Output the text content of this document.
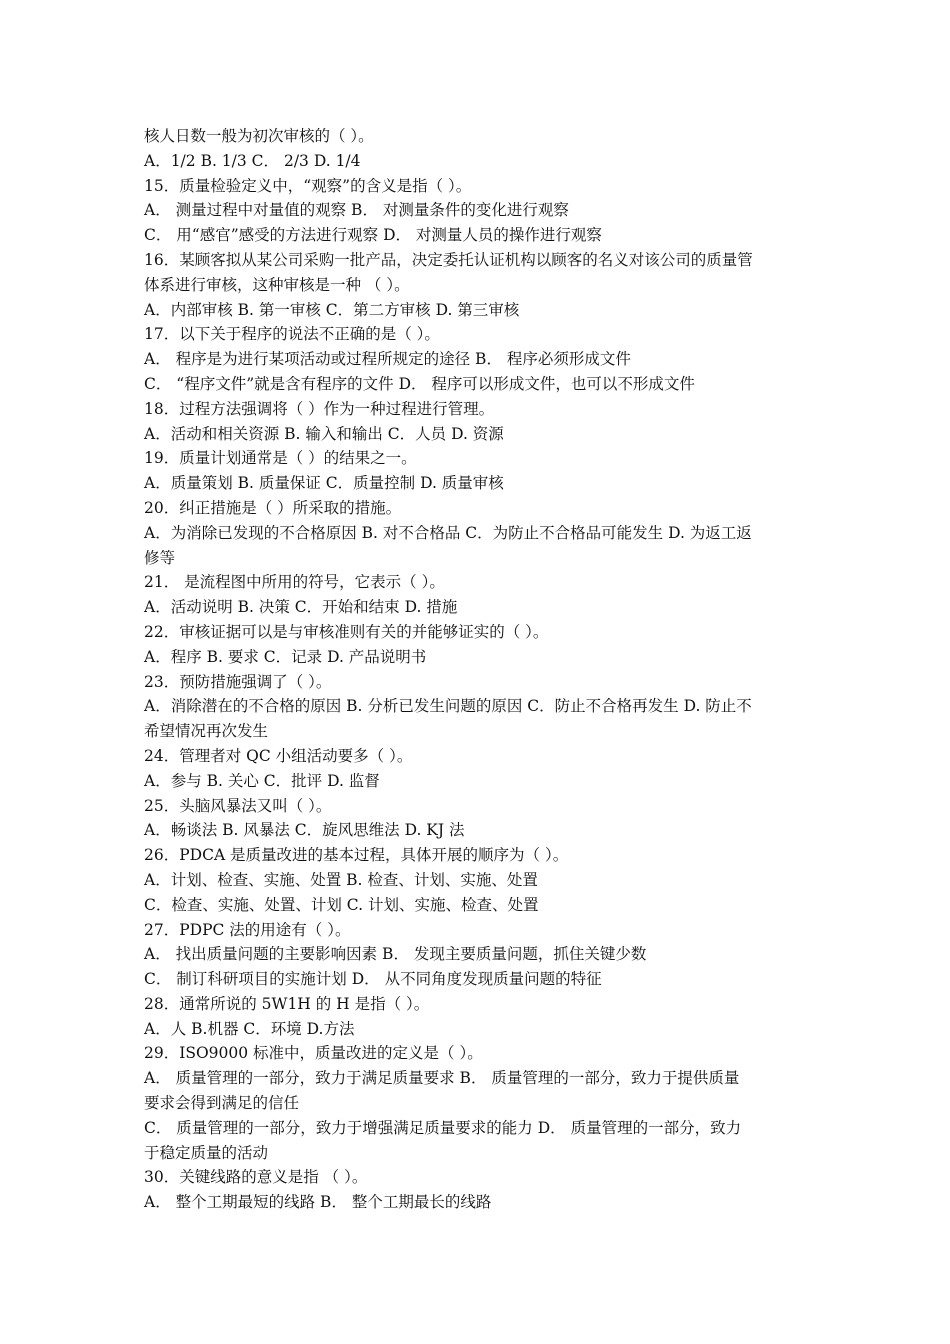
核人日数一般为初次审核的（ ）。
A．1/2 B. 1/3 C． 2/3 D. 1/4
15．质量检验定义中，“观察”的含义是指（ ）。
A． 测量过程中对量值的观察 B． 对测量条件的变化进行观察
C． 用“感官”感受的方法进行观察 D． 对测量人员的操作进行观察
16．某顾客拟从某公司采购一批产品，决定委托认证机构以顾客的名义对该公司的质量管
体系进行审核，这种审核是一种 （ ）。
A．内部审核 B. 第一审核 C．第二方审核 D. 第三审核
17．以下关于程序的说法不正确的是（ ）。
A． 程序是为进行某项活动或过程所规定的途径 B． 程序必须形成文件
C． “程序文件”就是含有程序的文件 D． 程序可以形成文件，也可以不形成文件
18．过程方法强调将（ ）作为一种过程进行管理。
A．活动和相关资源 B. 输入和输出 C．人员 D. 资源
19．质量计划通常是（ ）的结果之一。
A．质量策划 B. 质量保证 C．质量控制 D. 质量审核
20．纠正措施是（ ）所采取的措施。
A．为消除已发现的不合格原因 B. 对不合格品 C．为防止不合格品可能发生 D. 为返工返
修等
21． 是流程图中所用的符号，它表示（ ）。
A．活动说明 B. 决策 C．开始和结束 D. 措施
22．审核证据可以是与审核准则有关的并能够证实的（ ）。
A．程序 B. 要求 C．记录 D. 产品说明书
23．预防措施强调了（ ）。
A．消除潜在的不合格的原因 B. 分析已发生问题的原因 C．防止不合格再发生 D. 防止不
希望情况再次发生
24．管理者对 QC 小组活动要多（ ）。
A．参与 B. 关心 C．批评 D. 监督
25．头脑风暴法又叫（ ）。
A．畅谈法 B. 风暴法 C．旋风思维法 D. KJ 法
26．PDCA 是质量改进的基本过程，具体开展的顺序为（ ）。
A．计划、检查、实施、处置 B. 检查、计划、实施、处置
C．检查、实施、处置、计划 C. 计划、实施、检查、处置
27．PDPC 法的用途有（ ）。
A． 找出质量问题的主要影响因素 B． 发现主要质量问题，抓住关键少数
C． 制订科研项目的实施计划 D． 从不同角度发现质量问题的特征
28．通常所说的 5W1H 的 H 是指（ ）。
A．人 B.机器 C．环境 D.方法
29．ISO9000 标准中，质量改进的定义是（ ）。
A． 质量管理的一部分，致力于满足质量要求 B． 质量管理的一部分，致力于提供质量
要求会得到满足的信任
C． 质量管理的一部分，致力于增强满足质量要求的能力 D． 质量管理的一部分，致力
于稳定质量的活动
30．关键线路的意义是指 （ ）。
A． 整个工期最短的线路 B． 整个工期最长的线路
